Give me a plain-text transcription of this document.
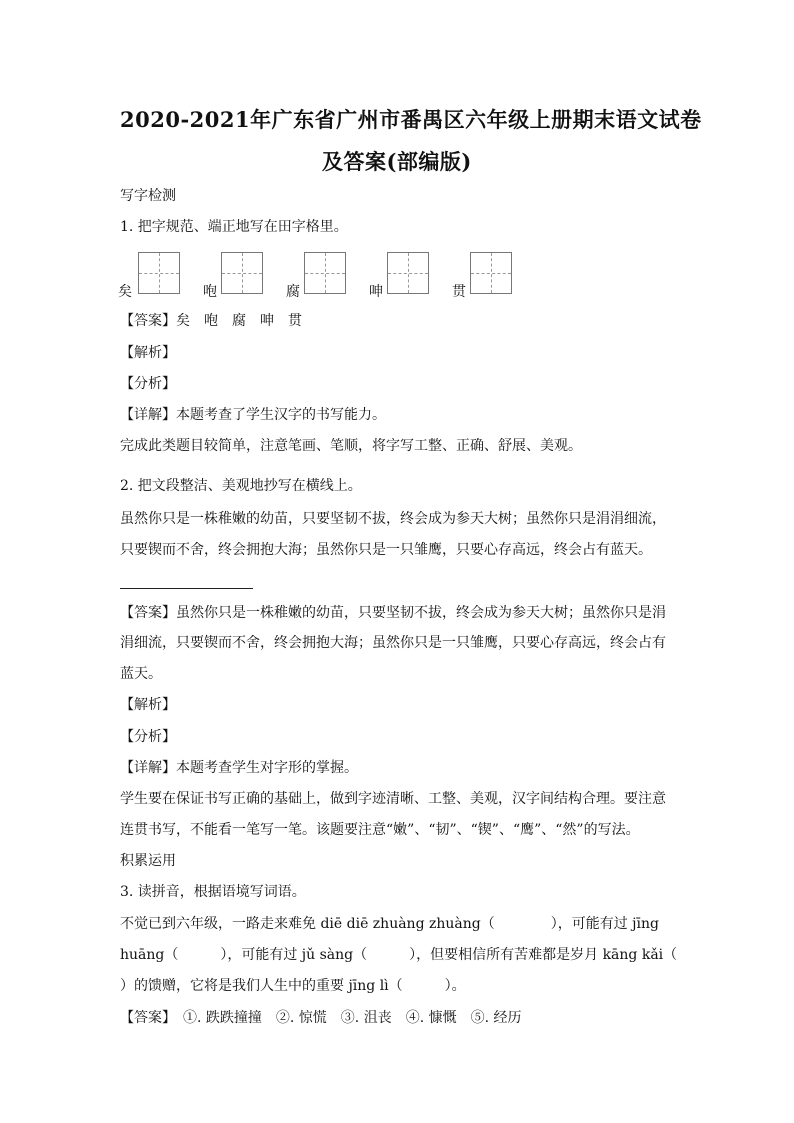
2020-2021年广东省广州市番禺区六年级上册期末语文试卷
及答案(部编版)
写字检测
1. 把字规范、端正地写在田字格里。
矣	咆	腐	呻	贯
【答案】矣　咆　腐　呻　贯
【解析】
【分析】
【详解】本题考查了学生汉字的书写能力。
完成此类题目较简单，注意笔画、笔顺，将字写工整、正确、舒展、美观。
2. 把文段整洁、美观地抄写在横线上。
虽然你只是一株稚嫩的幼苗，只要坚韧不拔，终会成为参天大树；虽然你只是涓涓细流，
只要锲而不舍，终会拥抱大海；虽然你只是一只雏鹰，只要心存高远，终会占有蓝天。
【答案】虽然你只是一株稚嫩的幼苗，只要坚韧不拔，终会成为参天大树；虽然你只是涓
涓细流，只要锲而不舍，终会拥抱大海；虽然你只是一只雏鹰，只要心存高远，终会占有
蓝天。
【解析】
【分析】
【详解】本题考查学生对字形的掌握。
学生要在保证书写正确的基础上，做到字迹清晰、工整、美观，汉字间结构合理。要注意
连贯书写，不能看一笔写一笔。该题要注意“嫩”、“韧”、“锲”、“鹰”、“然”的写法。
积累运用
3. 读拼音，根据语境写词语。
不觉已到六年级，一路走来难免 diē diē zhuàng zhuàng（　　　　），可能有过 jīng
huāng（　　　），可能有过 jǔ sàng（　　　），但要相信所有苦难都是岁月 kāng kǎi（
）的馈赠，它将是我们人生中的重要 jīng lì（　　　）。
【答案】　①. 跌跌撞撞　②. 惊慌　③. 沮丧　④. 慷慨　⑤. 经历
